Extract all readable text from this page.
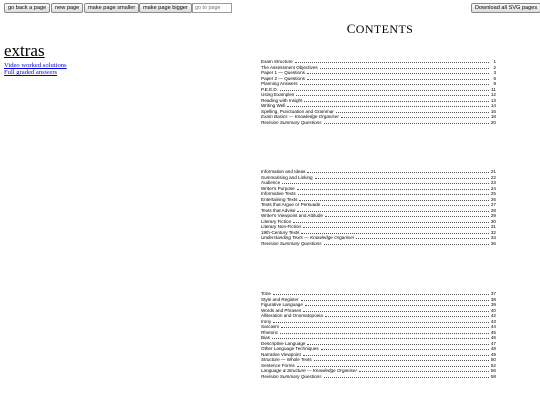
go back a page	new page	make page smaller	make page bigger
go to page	Download all SVG pages
CONTENTS
extras
Video worked solutions
Full graded answers
Exam Structure	1
The Assessment Objectives	2
Paper 1 — Questions	3
Paper 2 — Questions	6
Planning Answers	9
P.E.E.D.	11
Using Examples	12
Reading with Insight	13
Writing Well	14
Spelling, Punctuation and Grammar	16
Exam Basics — Knowledge Organiser	18
Revision Summary Questions	20
Information and Ideas	21
Summarising and Linking	22
Audience	23
Writer's Purpose	24
Informative Texts	25
Entertaining Texts	26
Texts that Argue or Persuade	27
Texts that Advise	28
Writer's Viewpoint and Attitude	29
Literary Fiction	30
Literary Non-Fiction	31
19th-Century Texts	32
Understanding Texts — Knowledge Organiser	34
Revision Summary Questions	36
Tone	37
Style and Register	38
Figurative Language	39
Words and Phrases	40
Alliteration and Onomatopoeia	42
Irony	43
Sarcasm	44
Rhetoric	45
Bias	46
Descriptive Language	47
Other Language Techniques	48
Narrative Viewpoint	49
Structure — Whole Texts	50
Sentence Forms	52
Language & Structure — Knowledge Organiser	56
Revision Summary Questions	58
